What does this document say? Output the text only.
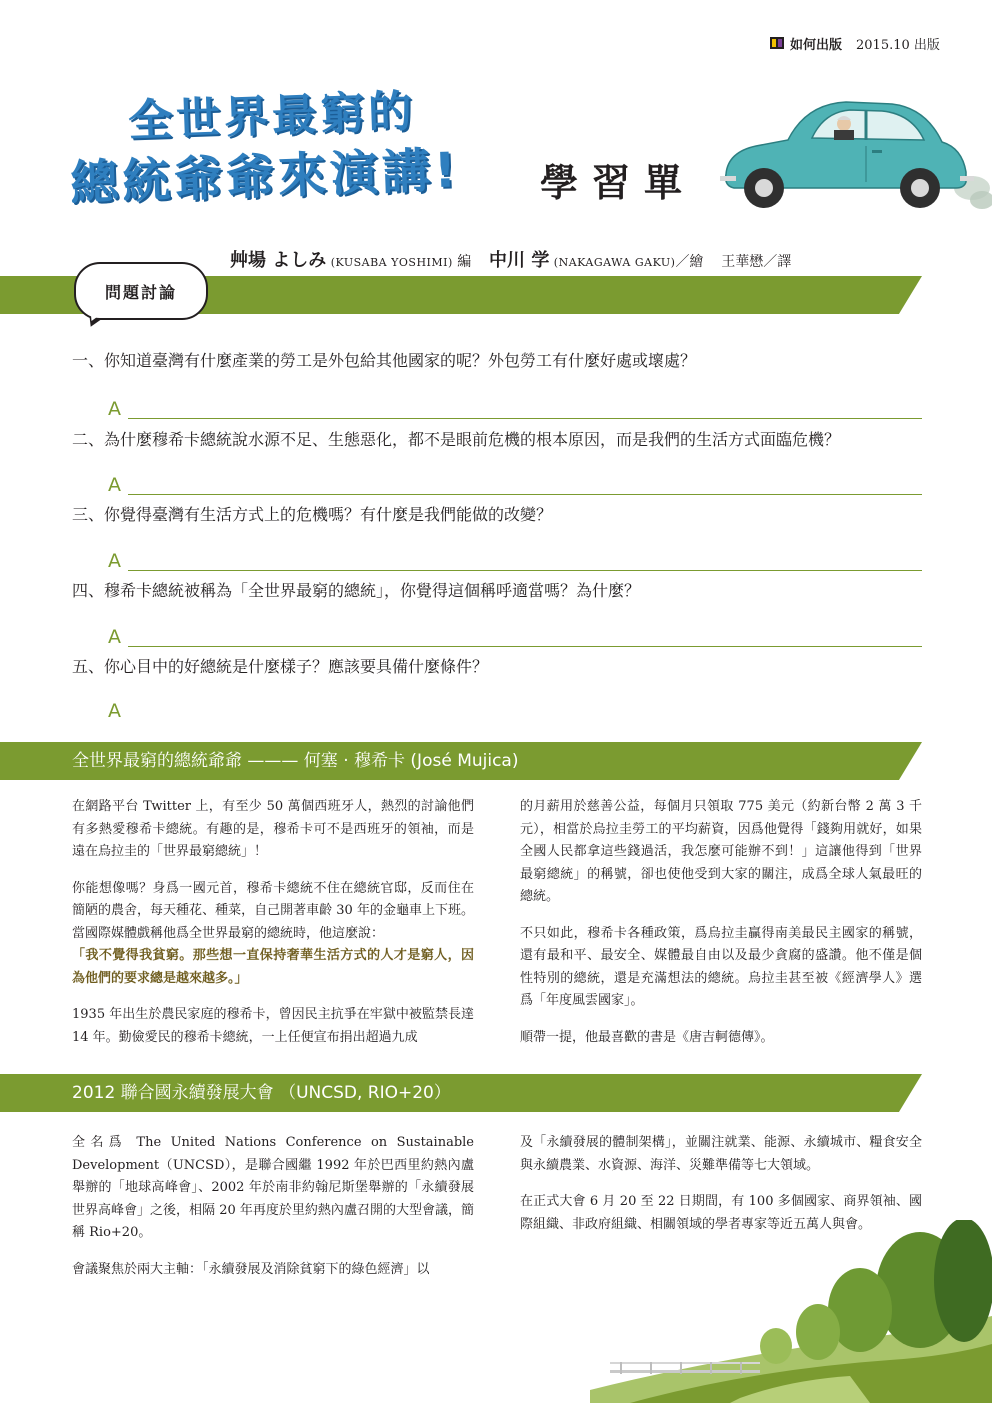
如何出版 2015.10 出版
全世界最窮的
總統爺爺來演講! 學習單
艸場 よしみ (KUSABA YOSHIMI) 編 中川 学 (NAKAGAWA GAKU)／繪 王華懋／譯
問題討論
一、你知道臺灣有什麼產業的勞工是外包給其他國家的呢？外包勞工有什麼好處或壞處？
A
二、為什麼穆希卡總統說水源不足、生態惡化，都不是眼前危機的根本原因，而是我們的生活方式面臨危機？
A
三、你覺得臺灣有生活方式上的危機嗎？有什麼是我們能做的改變？
A
四、穆希卡總統被稱為「全世界最窮的總統」，你覺得這個稱呼適當嗎？為什麼？
A
五、你心目中的好總統是什麼樣子？應該要具備什麼條件？
A
全世界最窮的總統爺爺 ——— 何塞 · 穆希卡 (José Mujica)

在網路平台 Twitter 上，有至少 50 萬個西班牙人，熱烈的討論他們有多熱愛穆希卡總統。有趣的是，穆希卡可不是西班牙的領袖，而是遠在烏拉圭的「世界最窮總統」！

你能想像嗎？身爲一國元首，穆希卡總統不住在總統官邸，反而住在簡陋的農舍，每天種花、種菜，自己開著車齡 30 年的金龜車上下班。當國際媒體戲稱他爲全世界最窮的總統時，他這麼說：

「我不覺得我貧窮。那些想一直保持奢華生活方式的人才是窮人，因為他們的要求總是越來越多。」

1935 年出生於農民家庭的穆希卡，曾因民主抗爭在牢獄中被監禁長達 14 年。勤儉愛民的穆希卡總統，一上任便宣布捐出超過九成

的月薪用於慈善公益，每個月只領取 775 美元（約新台幣 2 萬 3 千元），相當於烏拉圭勞工的平均薪資，因爲他覺得「錢夠用就好，如果全國人民都拿這些錢過活，我怎麼可能辦不到！」這讓他得到「世界最窮總統」的稱號，卻也使他受到大家的關注，成爲全球人氣最旺的總統。

不只如此，穆希卡各種政策，爲烏拉圭贏得南美最民主國家的稱號，還有最和平、最安全、媒體最自由以及最少貪腐的盛讚。他不僅是個性特別的總統，還是充滿想法的總統。烏拉圭甚至被《經濟學人》選爲「年度風雲國家」。

順帶一提，他最喜歡的書是《唐吉軻德傳》。

2012 聯合國永續發展大會 （UNCSD, RIO+20）

全名爲 The United Nations Conference on Sustainable Development（UNCSD），是聯合國繼 1992 年於巴西里約熱內盧舉辦的「地球高峰會」、2002 年於南非約翰尼斯堡舉辦的「永續發展世界高峰會」之後，相隔 20 年再度於里約熱內盧召開的大型會議，簡稱 Rio+20。

會議聚焦於兩大主軸：「永續發展及消除貧窮下的綠色經濟」以

及「永續發展的體制架構」，並關注就業、能源、永續城市、糧食安全與永續農業、水資源、海洋、災難準備等七大領域。

在正式大會 6 月 20 至 22 日期間，有 100 多個國家、商界領袖、國際組織、非政府組織、相關領域的學者專家等近五萬人與會。
